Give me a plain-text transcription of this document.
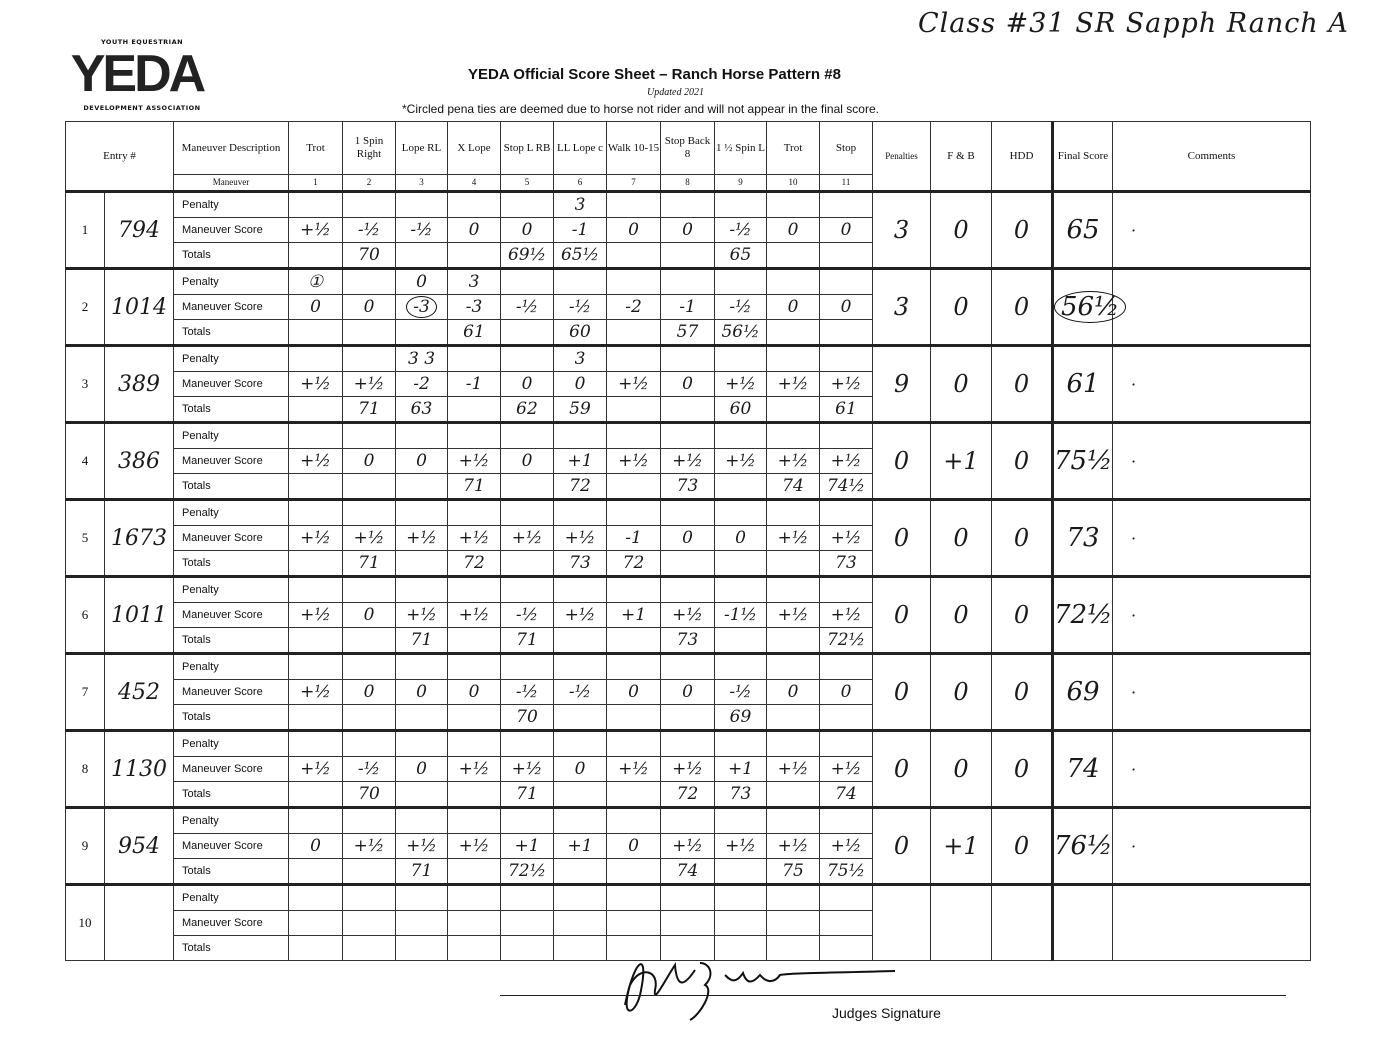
Class #31 SR Sapph Ranch A
YOUTH EQUESTRIAN
YEDA
DEVELOPMENT ASSOCIATION
YEDA Official Score Sheet – Ranch Horse Pattern #8
Updated 2021
*Circled pena ties are deemed due to horse not rider and will not appear in the final score.
Entry #	Maneuver Description	Trot	1 Spin Right	Lope RL	X Lope	Stop L RB	LL Lope c	Walk 10-15	Stop Back 8	1 ½ Spin L	Trot	Stop	Penalties	F & B	HDD	Final Score	Comments
	Maneuver	1	2	3	4	5	6	7	8	9	10	11					

1 794	Penalty						3						3	0	0	65	·
	Maneuver Score	+½	-½	-½	0	0	-1	0	0	-½	0	0					
	Totals		70			69½	65½			65							

2 1014	Penalty	①		0	3								3	0	0	56½	
	Maneuver Score	0	0	-3	-3	-½	-½	-2	-1	-½	0	0					
	Totals				61		60		57	56½							

3 389	Penalty			3 3			3						9	0	0	61	·
	Maneuver Score	+½	+½	-2	-1	0	0	+½	0	+½	+½	+½					
	Totals		71	63		62	59			60		61					

4 386	Penalty												0	+1	0	75½	·
	Maneuver Score	+½	0	0	+½	0	+1	+½	+½	+½	+½	+½					
	Totals				71		72		73		74	74½					

5 1673	Penalty												0	0	0	73	·
	Maneuver Score	+½	+½	+½	+½	+½	+½	-1	0	0	+½	+½					
	Totals		71		72		73	72				73					

6 1011	Penalty												0	0	0	72½	·
	Maneuver Score	+½	0	+½	+½	-½	+½	+1	+½	-1½	+½	+½					
	Totals			71		71			73			72½					

7 452	Penalty												0	0	0	69	·
	Maneuver Score	+½	0	0	0	-½	-½	0	0	-½	0	0					
	Totals					70				69							

8 1130	Penalty												0	0	0	74	·
	Maneuver Score	+½	-½	0	+½	+½	0	+½	+½	+1	+½	+½					
	Totals		70			71			72	73		74					

9 954	Penalty												0	+1	0	76½	·
	Maneuver Score	0	+½	+½	+½	+1	+1	0	+½	+½	+½	+½					
	Totals			71		72½			74		75	75½					

10	Penalty																
	Maneuver Score																
	Totals																
Judges Signature
